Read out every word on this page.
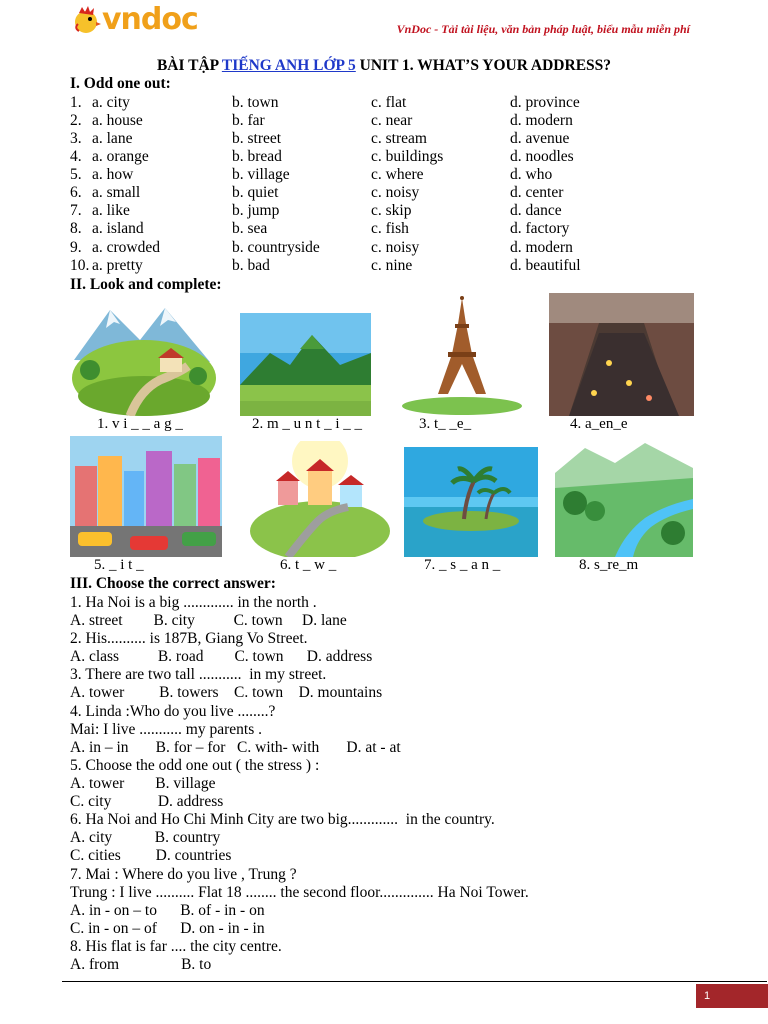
vndoc	VnDoc - Tải tài liệu, văn bản pháp luật, biểu mẫu miễn phí
BÀI TẬP TIẾNG ANH LỚP 5 UNIT 1. WHAT’S YOUR ADDRESS?
I. Odd one out:
1. a. city	b. town	c. flat	d. province
2. a. house	b. far	c. near	d. modern
3. a. lane	b. street	c. stream	d. avenue
4. a. orange	b. bread	c. buildings	d. noodles
5. a. how	b. village	c. where	d. who
6. a. small	b. quiet	c. noisy	d. center
7. a. like	b. jump	c. skip	d. dance
8. a. island	b. sea	c. fish	d. factory
9. a. crowded	b. countryside	c. noisy	d. modern
10. a. pretty	b. bad	c. nine	d. beautiful
II. Look and complete:
1. v i _ _ a g _	2. m _ u n t _ i _ _	3. t_ _e_	4. a_en_e
5. _ i t _	6. t _ w _	7. _ s _ a n _	8. s_re_m
III. Choose the correct answer:
1. Ha Noi is a big ............. in the north .
A. street        B. city          C. town     D. lane
2. His.......... is 187B, Giang Vo Street.
A. class          B. road        C. town      D. address
3. There are two tall ...........  in my street.
A. tower         B. towers    C. town    D. mountains
4. Linda :Who do you live ........?
Mai: I live ........... my parents .
A. in – in       B. for – for   C. with- with       D. at - at
5. Choose the odd one out ( the stress ) :
A. tower        B. village
C. city            D. address
6. Ha Noi and Ho Chi Minh City are two big.............  in the country.
A. city           B. country
C. cities         D. countries
7. Mai : Where do you live , Trung ?
Trung : I live .......... Flat 18 ........ the second floor.............. Ha Noi Tower.
A. in - on – to      B. of - in - on
C. in - on – of      D. on - in - in
8. His flat is far .... the city centre.
A. from                B. to
1
